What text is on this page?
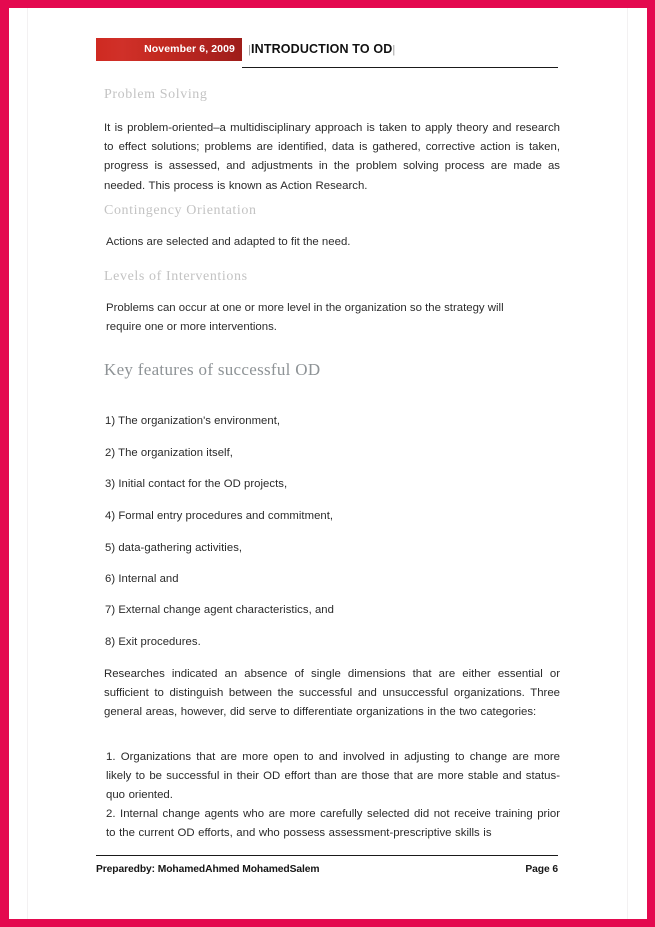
November 6, 2009	|INTRODUCTION TO OD|
Problem Solving
It is problem-oriented–a multidisciplinary approach is taken to apply theory and research to effect solutions; problems are identified, data is gathered, corrective action is taken, progress is assessed, and adjustments in the problem solving process are made as needed. This process is known as Action Research.
Contingency Orientation
Actions are selected and adapted to fit the need.
Levels of Interventions
Problems can occur at one or more level in the organization so the strategy will require one or more interventions.
Key features of successful OD
1) The organization's environment,
2) The organization itself,
3) Initial contact for the OD projects,
4) Formal entry procedures and commitment,
5) data-gathering activities,
6) Internal and
7) External change agent characteristics, and
8) Exit procedures.
Researches indicated an absence of single dimensions that are either essential or sufficient to distinguish between the successful and unsuccessful organizations. Three general areas, however, did serve to differentiate organizations in the two categories:
1. Organizations that are more open to and involved in adjusting to change are more likely to be successful in their OD effort than are those that are more stable and status-quo oriented.
2. Internal change agents who are more carefully selected did not receive training prior to the current OD efforts, and who possess assessment-prescriptive skills is
Preparedby: MohamedAhmed MohamedSalem	Page 6
